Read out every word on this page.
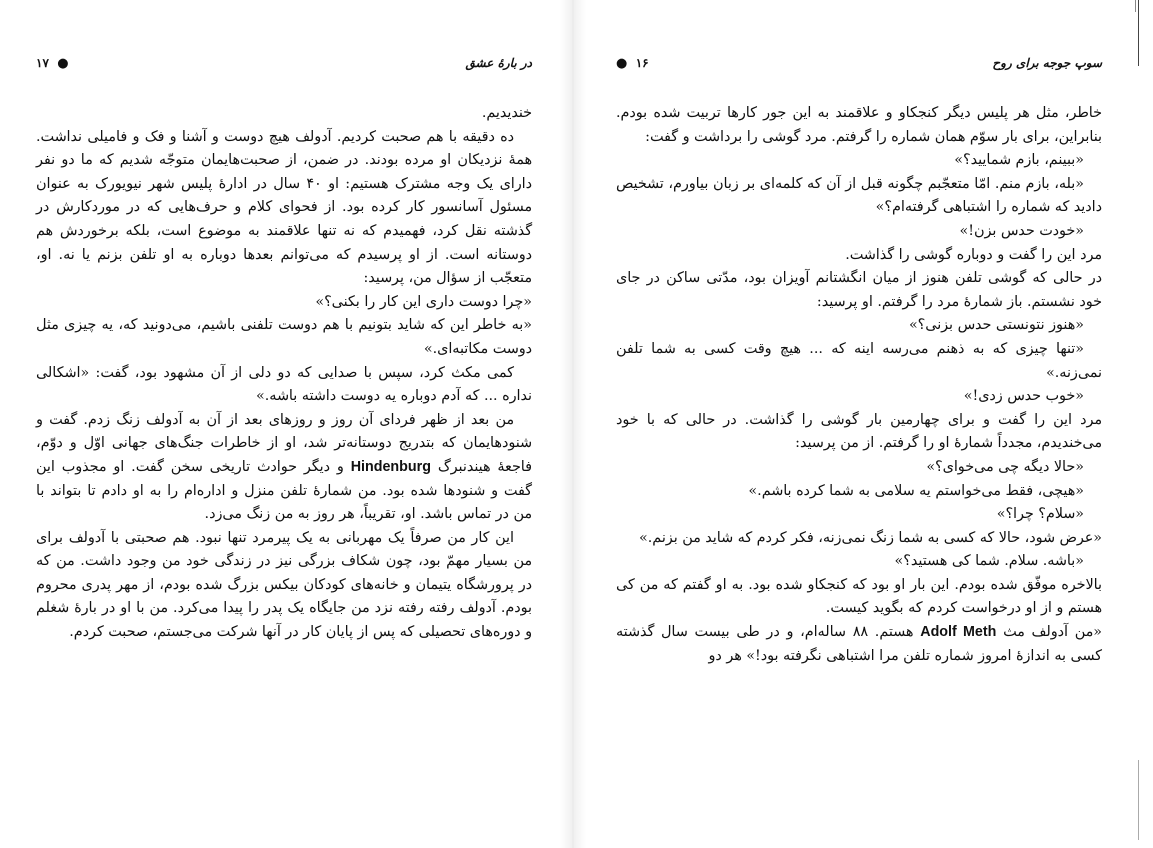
در بارهٔ عشق
۱۷ ●

خندیدیم.

ده دقیقه با هم صحبت کردیم. آدولف هیچ دوست و آشنا و فک و فامیلی نداشت. همهٔ نزدیکان او مرده بودند. در ضمن، از صحبت‌هایمان متوجّه شدیم که ما دو نفر دارای یک وجه مشترک هستیم: او ۴۰ سال در ادارهٔ پلیس شهر نیویورک به عنوان مسئول آسانسور کار کرده بود. از فحوای کلام و حرف‌هایی که در موردکارش در گذشته نقل کرد، فهمیدم که نه تنها علاقمند به موضوع است، بلکه برخوردش هم دوستانه است. از او پرسیدم که می‌توانم بعدها دوباره به او تلفن بزنم یا نه. او، متعجّب از سؤال من، پرسید:

«چرا دوست داری این کار را بکنی؟»

«به خاطر این که شاید بتونیم با هم دوست تلفنی باشیم، می‌دونید که، یه چیزی مثل دوست مکاتبه‌ای.»

کمی مکث کرد، سپس با صدایی که دو دلی از آن مشهود بود، گفت: «اشکالی نداره ... که آدم دوباره یه دوست داشته باشه.»

من بعد از ظهر فردای آن روز و روزهای بعد از آن به آدولف زنگ زدم. گفت و شنودهایمان که بتدریج دوستانه‌تر شد، او از خاطرات جنگ‌های جهانی اوّل و دوّم، فاجعهٔ هیندنبرگ Hindenburg و دیگر حوادث تاریخی سخن گفت. او مجذوب این گفت و شنودها شده بود. من شمارهٔ تلفن منزل و اداره‌ام را به او دادم تا بتواند با من در تماس باشد. او، تقریباً، هر روز به من زنگ می‌زد.

این کار من صرفاً یک مهربانی به یک پیرمرد تنها نبود. هم صحبتی با آدولف برای من بسیار مهمّ بود، چون شکاف بزرگی نیز در زندگی خود من وجود داشت. من که در پرورشگاه یتیمان و خانه‌های کودکان بیکس بزرگ شده بودم، از مهر پدری محروم بودم. آدولف رفته رفته نزد من جایگاه یک پدر را پیدا می‌کرد. من با او در بارهٔ شغلم و دوره‌های تحصیلی که پس از پایان کار در آنها شرکت می‌جستم، صحبت کردم.

سوپ جوجه برای روح
● ۱۶

خاطر، مثل هر پلیس دیگر کنجکاو و علاقمند به این جور کارها تربیت شده بودم. بنابراین، برای بار سوّم همان شماره را گرفتم. مرد گوشی را برداشت و گفت:

«ببینم، بازم شمایید؟»

«بله، بازم منم. امّا متعجّبم چگونه قبل از آن که کلمه‌ای بر زبان بیاورم، تشخیص دادید که شماره را اشتباهی گرفته‌ام؟»

«خودت حدس بزن!»

مرد این را گفت و دوباره گوشی را گذاشت.

در حالی که گوشی تلفن هنوز از میان انگشتانم آویزان بود، مدّتی ساکن در جای خود نشستم. باز شمارهٔ مرد را گرفتم. او پرسید:

«هنوز نتونستی حدس بزنی؟»

«تنها چیزی که به ذهنم می‌رسه اینه که ... هیچ وقت کسی به شما تلفن نمی‌زنه.»

«خوب حدس زدی!»

مرد این را گفت و برای چهارمین بار گوشی را گذاشت. در حالی که با خود می‌خندیدم، مجدداً شمارهٔ او را گرفتم. از من پرسید:

«حالا دیگه چی می‌خوای؟»

«هیچی، فقط می‌خواستم یه سلامی به شما کرده باشم.»

«سلام؟ چرا؟»

«عرض شود، حالا که کسی به شما زنگ نمی‌زنه، فکر کردم که شاید من بزنم.»

«باشه. سلام. شما کی هستید؟»

بالاخره موفّق شده بودم. این بار او بود که کنجکاو شده بود. به او گفتم که من کی هستم و از او درخواست کردم که بگوید کیست.

«من آدولف مث Adolf Meth هستم. ۸۸ ساله‌ام، و در طی بیست سال گذشته کسی به اندازهٔ امروز شماره تلفن مرا اشتباهی نگرفته بود!» هر دو
